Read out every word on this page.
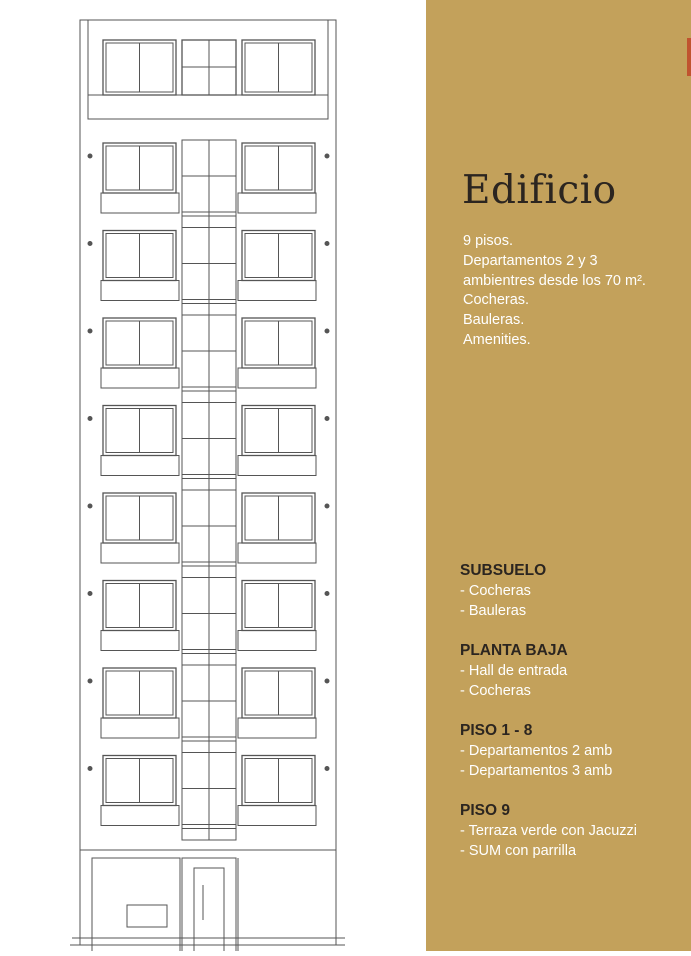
Edificio
9 pisos.
Departamentos 2 y 3
ambientres desde los 70 m².
Cocheras.
Bauleras.
Amenities.
SUBSUELO
- Cocheras
- Bauleras
PLANTA BAJA
- Hall de entrada
- Cocheras
PISO 1 - 8
- Departamentos 2 amb
- Departamentos 3 amb
PISO 9
- Terraza verde con Jacuzzi
- SUM con parrilla
